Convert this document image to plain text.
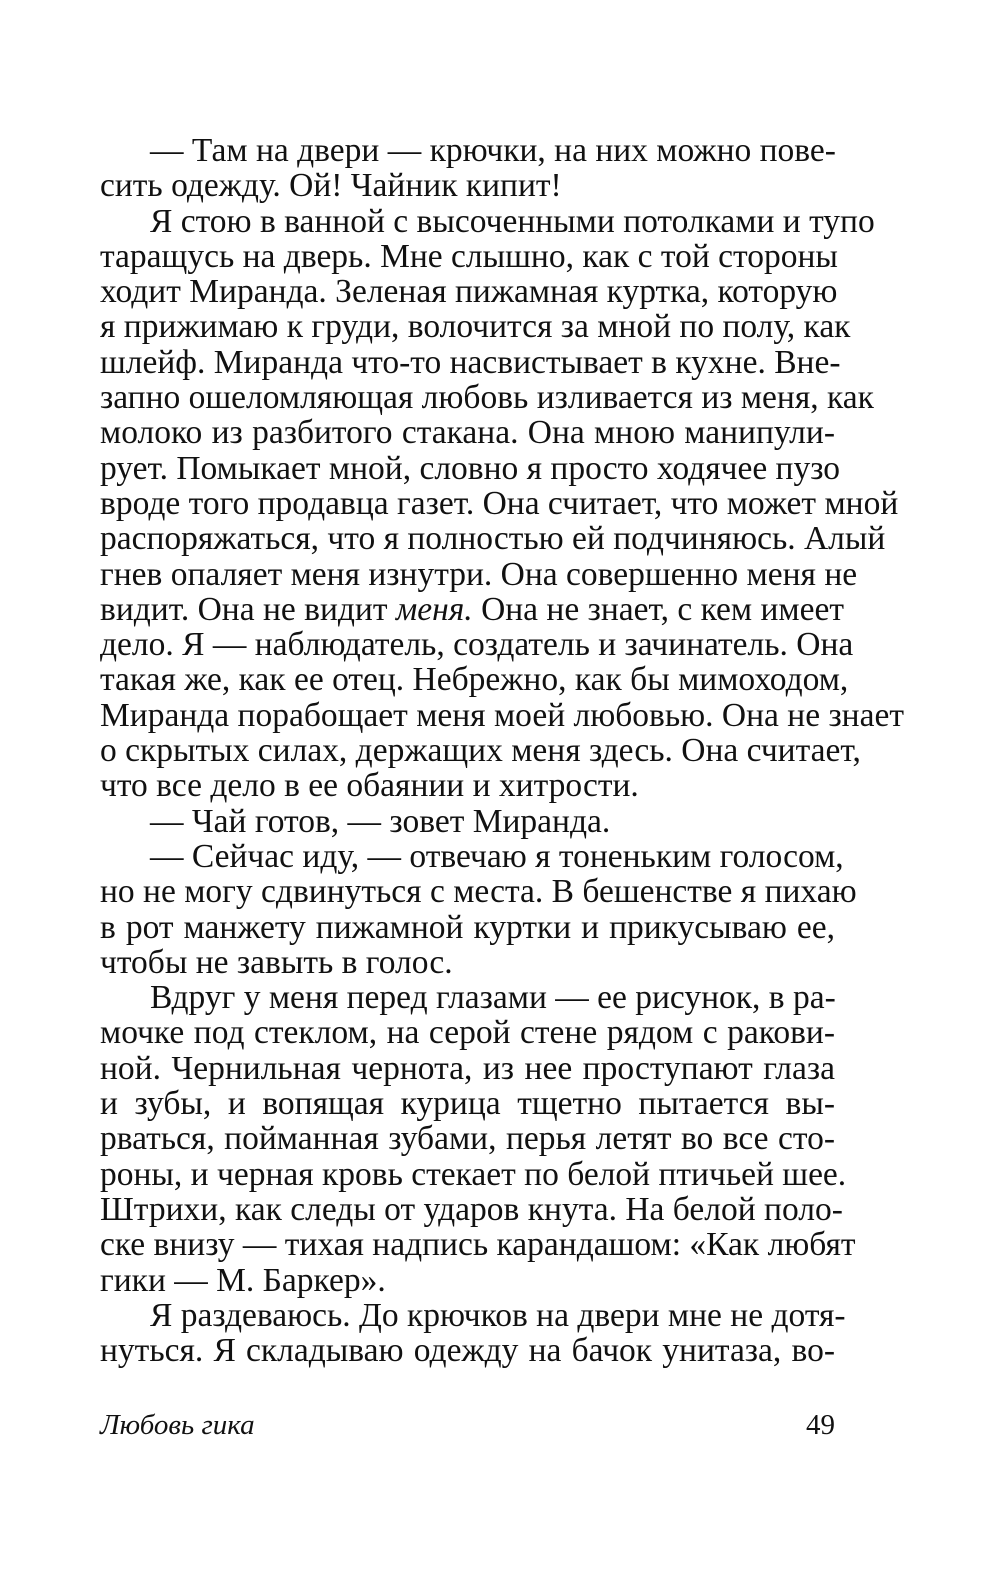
— Там на двери — крючки, на них можно пове-
сить одежду. Ой! Чайник кипит!
Я стою в ванной с высоченными потолками и тупо
таращусь на дверь. Мне слышно, как с той стороны
ходит Миранда. Зеленая пижамная куртка, которую
я прижимаю к груди, волочится за мной по полу, как
шлейф. Миранда что-то насвистывает в кухне. Вне-
запно ошеломляющая любовь изливается из меня, как
молоко из разбитого стакана. Она мною манипули-
рует. Помыкает мной, словно я просто ходячее пузо
вроде того продавца газет. Она считает, что может мной
распоряжаться, что я полностью ей подчиняюсь. Алый
гнев опаляет меня изнутри. Она совершенно меня не
видит. Она не видит меня. Она не знает, с кем имеет
дело. Я — наблюдатель, создатель и зачинатель. Она
такая же, как ее отец. Небрежно, как бы мимоходом,
Миранда порабощает меня моей любовью. Она не знает
о скрытых силах, держащих меня здесь. Она считает,
что все дело в ее обаянии и хитрости.
— Чай готов, — зовет Миранда.
— Сейчас иду, — отвечаю я тоненьким голосом,
но не могу сдвинуться с места. В бешенстве я пихаю
в рот манжету пижамной куртки и прикусываю ее,
чтобы не завыть в голос.
Вдруг у меня перед глазами — ее рисунок, в ра-
мочке под стеклом, на серой стене рядом с ракови-
ной. Чернильная чернота, из нее проступают глаза
и зубы, и вопящая курица тщетно пытается вы-
рваться, пойманная зубами, перья летят во все сто-
роны, и черная кровь стекает по белой птичьей шее.
Штрихи, как следы от ударов кнута. На белой поло-
ске внизу — тихая надпись карандашом: «Как любят
гики — М. Баркер».
Я раздеваюсь. До крючков на двери мне не дотя-
нуться. Я складываю одежду на бачок унитаза, во-
Любовь гика	49
